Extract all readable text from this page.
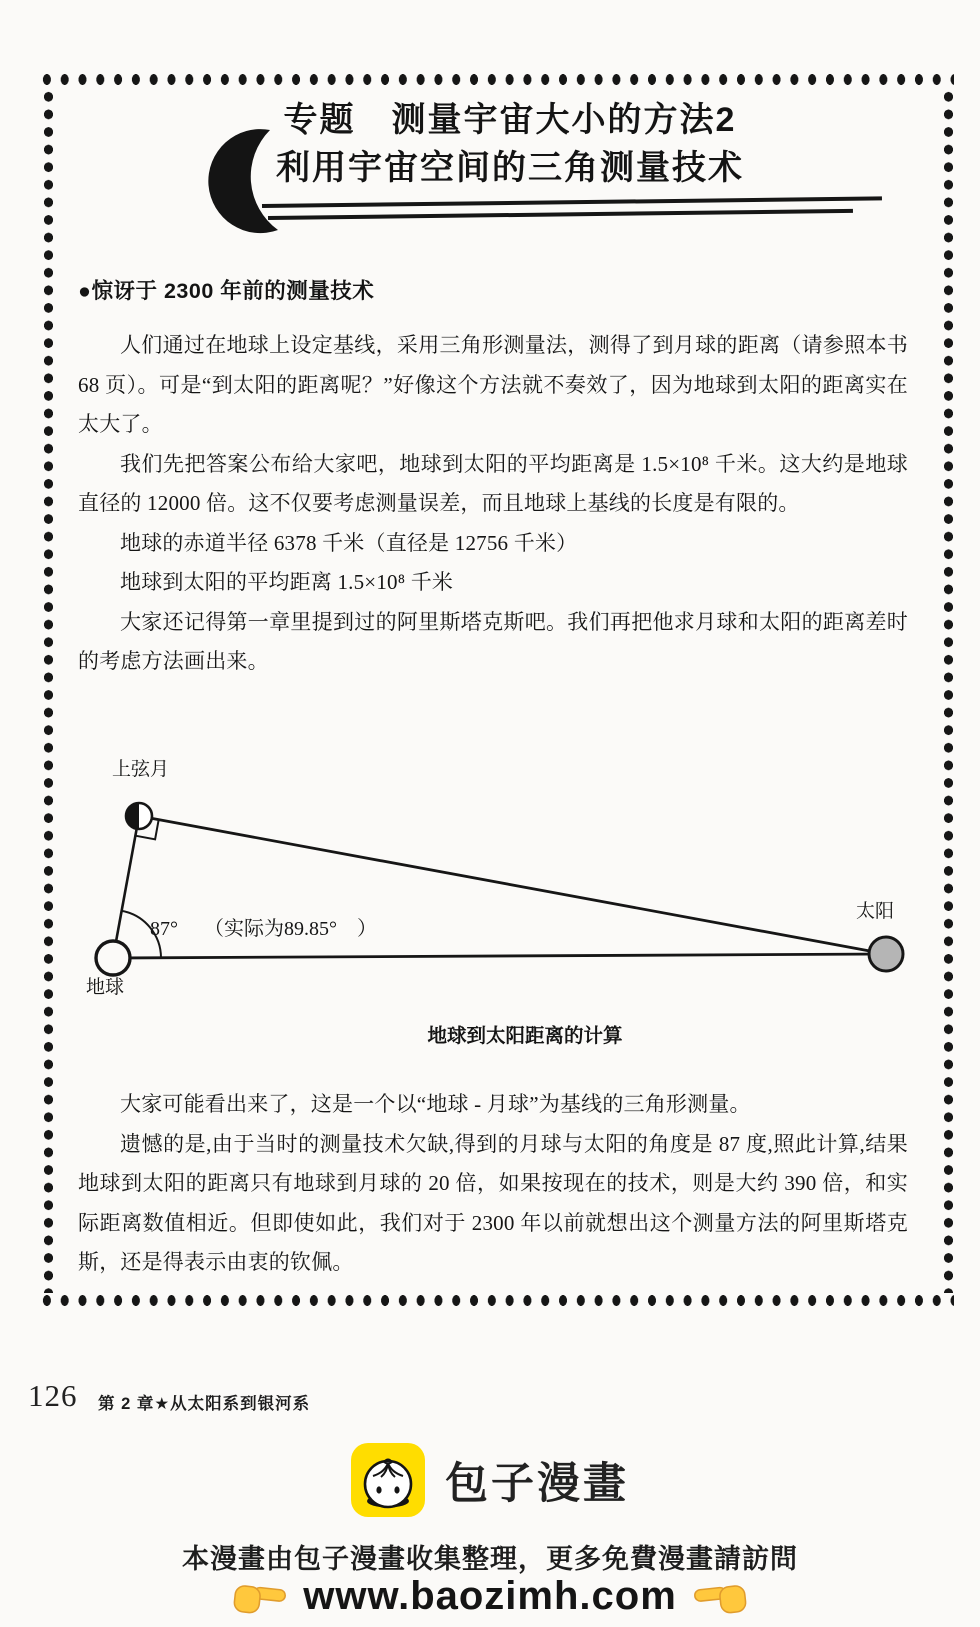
专题　测量宇宙大小的方法2
利用宇宙空间的三角测量技术
●惊讶于 2300 年前的测量技术

人们通过在地球上设定基线，采用三角形测量法，测得了到月球的距离（请参照本书 68 页）。可是“到太阳的距离呢？”好像这个方法就不奏效了，因为地球到太阳的距离实在太大了。

我们先把答案公布给大家吧，地球到太阳的平均距离是 1.5×10⁸ 千米。这大约是地球直径的 12000 倍。这不仅要考虑测量误差，而且地球上基线的长度是有限的。

地球的赤道半径 6378 千米（直径是 12756 千米）

地球到太阳的平均距离 1.5×10⁸ 千米

大家还记得第一章里提到过的阿里斯塔克斯吧。我们再把他求月球和太阳的距离差时的考虑方法画出来。

上弦月
地球
太阳
87° （实际为89.85°　）
地球到太阳距离的计算

大家可能看出来了，这是一个以“地球 - 月球”为基线的三角形测量。

遗憾的是,由于当时的测量技术欠缺,得到的月球与太阳的角度是 87 度,照此计算,结果地球到太阳的距离只有地球到月球的 20 倍，如果按现在的技术，则是大约 390 倍，和实际距离数值相近。但即使如此，我们对于 2300 年以前就想出这个测量方法的阿里斯塔克斯，还是得表示由衷的钦佩。

126 第 2 章★从太阳系到银河系
包子漫畫
本漫畫由包子漫畫收集整理，更多免費漫畫請訪問
www.baozimh.com
